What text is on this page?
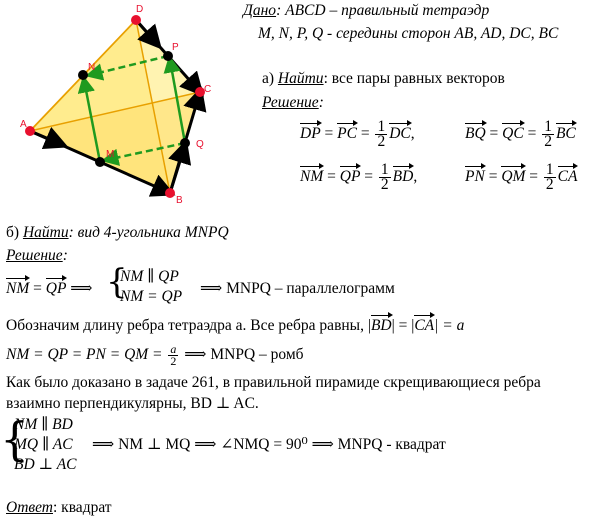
D
P
N
C
A
M
Q
B
Дано: ABCD – правильный тетраэдр
M, N, P, Q - середины сторон AB, AD, DC, BC
а) Найти: все пары равных векторов
Решение:
DP = PC = $\frac{1}{2}$ DC,	BQ = QC = $\frac{1}{2}$ BC
NM = QP = $\frac{1}{2}$ BD,	PN = QM = $\frac{1}{2}$ CA
б) Найти: вид 4-угольника MNPQ
Решение:
NM = QP ⟹ {
NM ∥ QP
NM = QP ⟹ MNPQ – параллелограмм
Обозначим длину ребра тетраэдра a. Все ребра равны, |BD| = |CA| = a
NM = QP = PN = QM = $\frac{a}{2}$ ⟹ MNPQ – ромб
Как было доказано в задаче 261, в правильной пирамиде скрещивающиеся ребра
взаимно перпендикулярны, BD ⊥ AC.
{
NM ∥ BD
MQ ∥ AC
BD ⊥ AC
⟹ NM ⊥ MQ ⟹ ∠NMQ = 90⁰ ⟹ MNPQ - квадрат
Ответ: квадрат
